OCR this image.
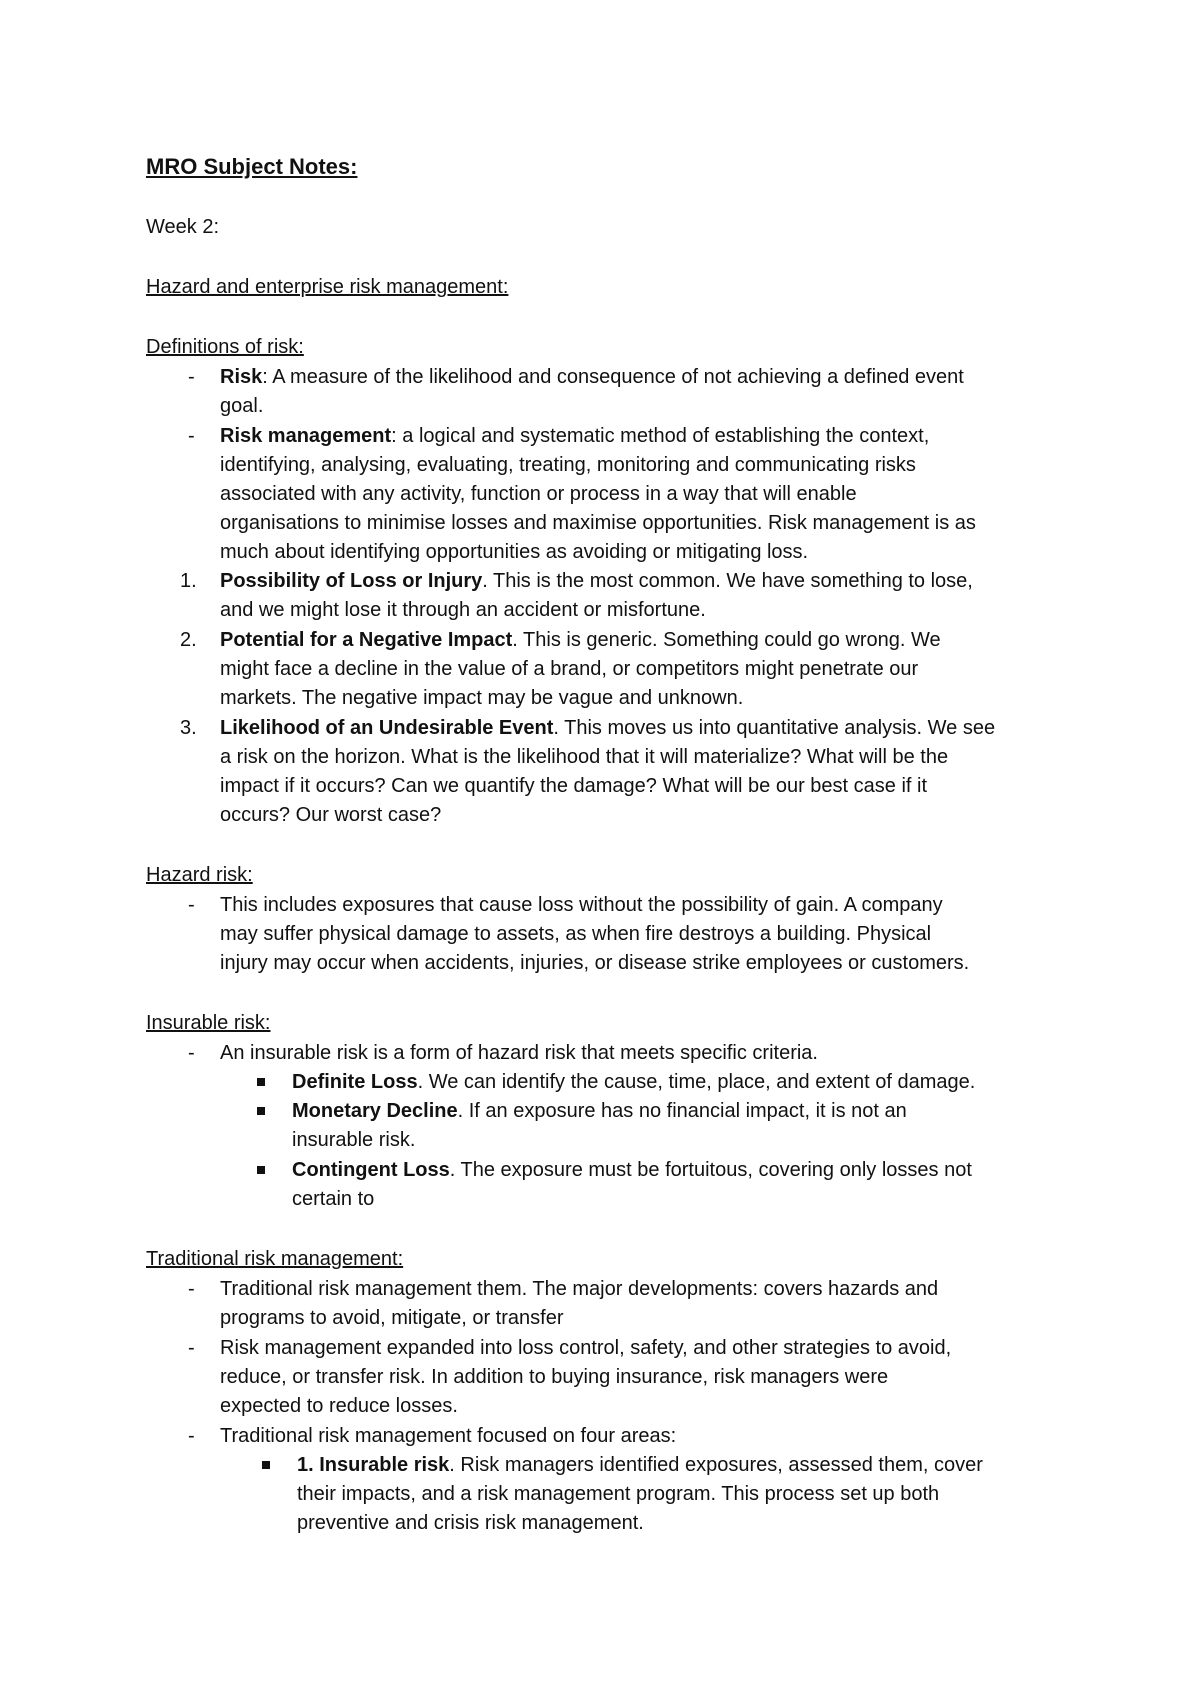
MRO Subject Notes:
Week 2:
Hazard and enterprise risk management:
Definitions of risk:
- Risk: A measure of the likelihood and consequence of not achieving a defined event
goal.
- Risk management: a logical and systematic method of establishing the context,
identifying, analysing, evaluating, treating, monitoring and communicating risks
associated with any activity, function or process in a way that will enable
organisations to minimise losses and maximise opportunities. Risk management is as
much about identifying opportunities as avoiding or mitigating loss.
1. Possibility of Loss or Injury. This is the most common. We have something to lose,
and we might lose it through an accident or misfortune.
2. Potential for a Negative Impact. This is generic. Something could go wrong. We
might face a decline in the value of a brand, or competitors might penetrate our
markets. The negative impact may be vague and unknown.
3. Likelihood of an Undesirable Event. This moves us into quantitative analysis. We see
a risk on the horizon. What is the likelihood that it will materialize? What will be the
impact if it occurs? Can we quantify the damage? What will be our best case if it
occurs? Our worst case?
Hazard risk:
- This includes exposures that cause loss without the possibility of gain. A company
may suffer physical damage to assets, as when fire destroys a building. Physical
injury may occur when accidents, injuries, or disease strike employees or customers.
Insurable risk:
- An insurable risk is a form of hazard risk that meets specific criteria.
Definite Loss. We can identify the cause, time, place, and extent of damage.
Monetary Decline. If an exposure has no financial impact, it is not an
insurable risk.
Contingent Loss. The exposure must be fortuitous, covering only losses not
certain to
Traditional risk management:
- Traditional risk management them. The major developments: covers hazards and
programs to avoid, mitigate, or transfer
- Risk management expanded into loss control, safety, and other strategies to avoid,
reduce, or transfer risk. In addition to buying insurance, risk managers were
expected to reduce losses.
- Traditional risk management focused on four areas:
1. Insurable risk. Risk managers identified exposures, assessed them, cover
their impacts, and a risk management program. This process set up both
preventive and crisis risk management.
